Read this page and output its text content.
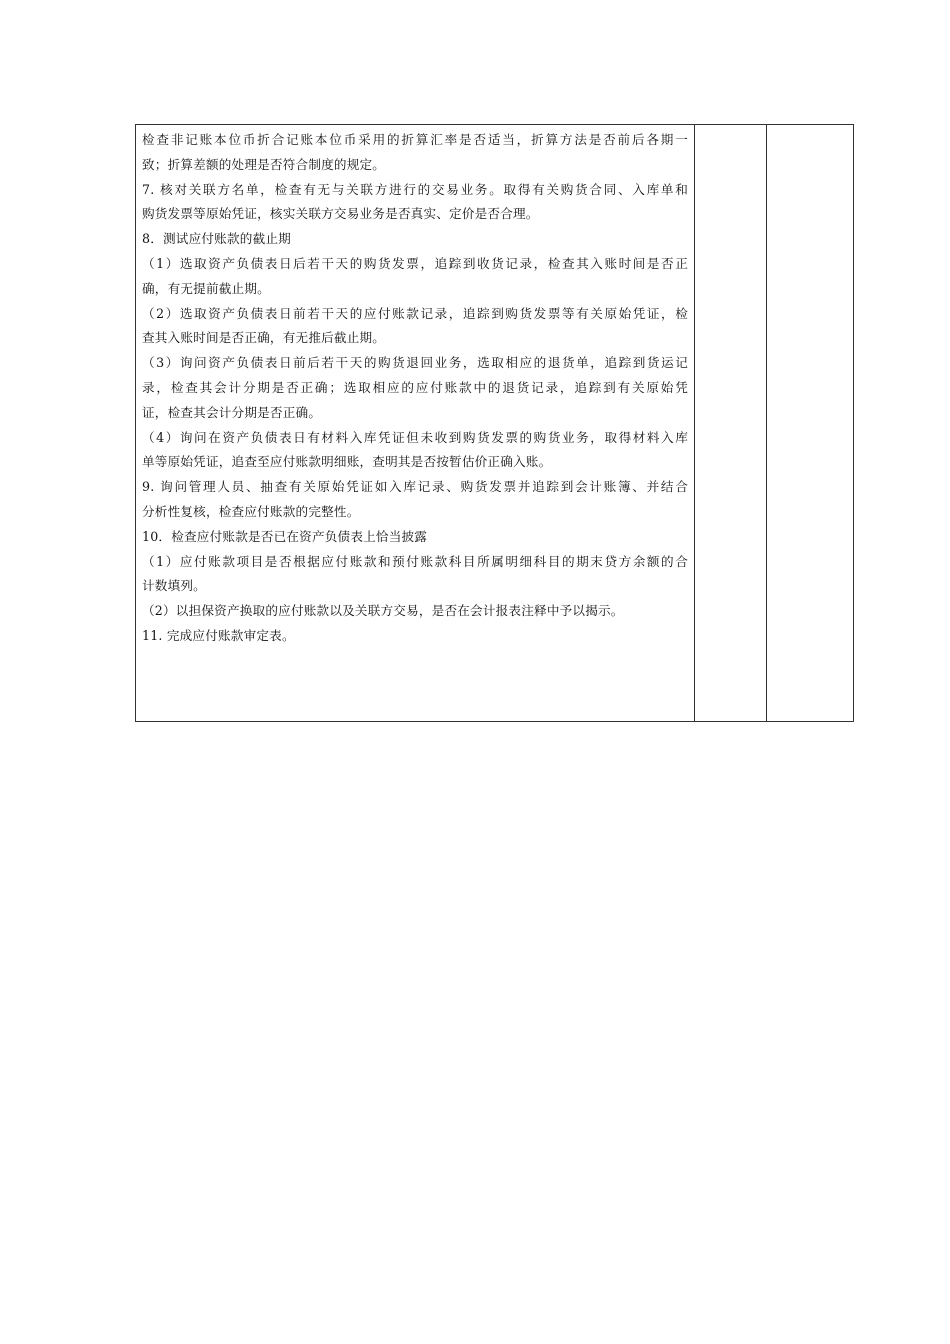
检查非记账本位币折合记账本位币采用的折算汇率是否适当，折算方法是否前后各期一
致；折算差额的处理是否符合制度的规定。
7. 核对关联方名单，检查有无与关联方进行的交易业务。取得有关购货合同、入库单和
购货发票等原始凭证，核实关联方交易业务是否真实、定价是否合理。
8．测试应付账款的截止期
（1）选取资产负债表日后若干天的购货发票，追踪到收货记录，检查其入账时间是否正
确，有无提前截止期。
（2）选取资产负债表日前若干天的应付账款记录，追踪到购货发票等有关原始凭证，检
查其入账时间是否正确，有无推后截止期。
（3）询问资产负债表日前后若干天的购货退回业务，选取相应的退货单，追踪到货运记
录，检查其会计分期是否正确；选取相应的应付账款中的退货记录，追踪到有关原始凭
证，检查其会计分期是否正确。
（4）询问在资产负债表日有材料入库凭证但未收到购货发票的购货业务，取得材料入库
单等原始凭证，追查至应付账款明细账，查明其是否按暂估价正确入账。
9. 询问管理人员、抽查有关原始凭证如入库记录、购货发票并追踪到会计账簿、并结合
分析性复核，检查应付账款的完整性。
10．检查应付账款是否已在资产负债表上恰当披露
（1）应付账款项目是否根据应付账款和预付账款科目所属明细科目的期末贷方余额的合
计数填列。
（2）以担保资产换取的应付账款以及关联方交易，是否在会计报表注释中予以揭示。
11. 完成应付账款审定表。
